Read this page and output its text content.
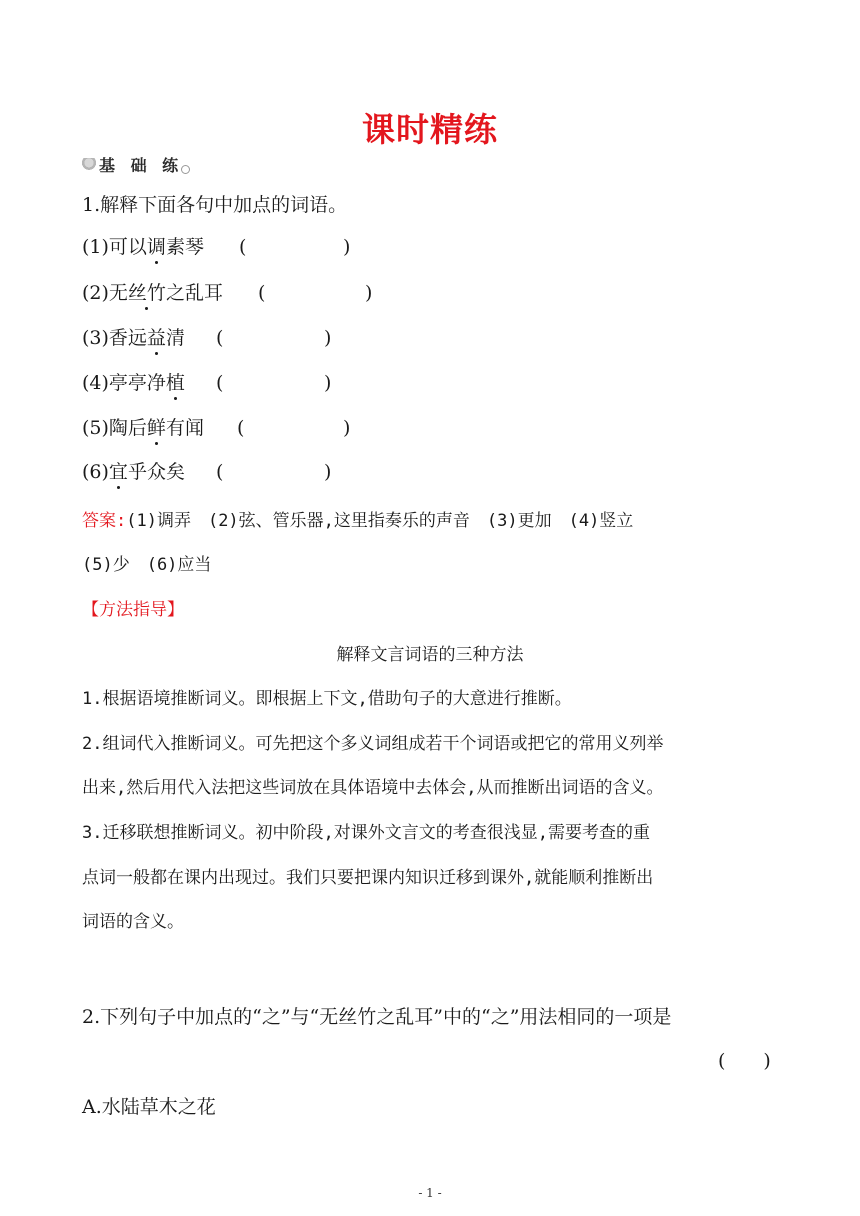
课时精练
基 础 练
1.解释下面各句中加点的词语。
(1)可以调素琴 (	)
(2)无丝竹之乱耳 (	)
(3)香远益清 (	)
(4)亭亭净植 (	)
(5)陶后鲜有闻 (	)
(6)宜乎众矣 (	)
答案:(1)调弄　(2)弦、管乐器,这里指奏乐的声音　(3)更加　(4)竖立
(5)少　(6)应当
【方法指导】
解释文言词语的三种方法
1.根据语境推断词义。即根据上下文,借助句子的大意进行推断。
2.组词代入推断词义。可先把这个多义词组成若干个词语或把它的常用义列举
出来,然后用代入法把这些词放在具体语境中去体会,从而推断出词语的含义。
3.迁移联想推断词义。初中阶段,对课外文言文的考查很浅显,需要考查的重
点词一般都在课内出现过。我们只要把课内知识迁移到课外,就能顺利推断出
词语的含义。
2.下列句子中加点的“之”与“无丝竹之乱耳”中的“之”用法相同的一项是
(　　)
A.水陆草木之花
- 1 -
